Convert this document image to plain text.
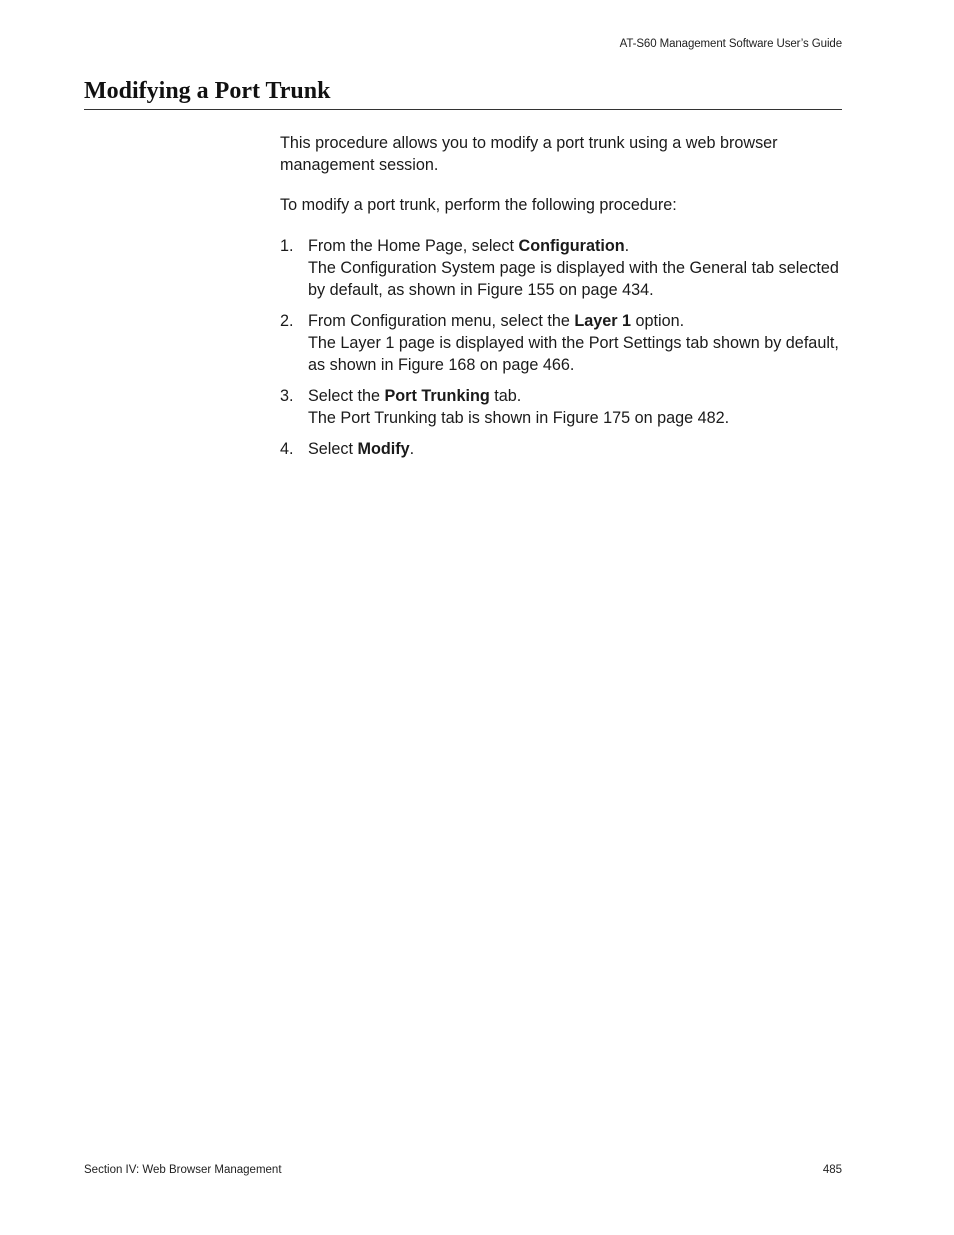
AT-S60 Management Software User’s Guide
Modifying a Port Trunk

This procedure allows you to modify a port trunk using a web browser management session.

To modify a port trunk, perform the following procedure:

1. From the Home Page, select Configuration.

The Configuration System page is displayed with the General tab selected by default, as shown in Figure 155 on page 434.

2. From Configuration menu, select the Layer 1 option.

The Layer 1 page is displayed with the Port Settings tab shown by default, as shown in Figure 168 on page 466.

3. Select the Port Trunking tab.

The Port Trunking tab is shown in Figure 175 on page 482.

4. Select Modify.

Section IV: Web Browser Management	485
